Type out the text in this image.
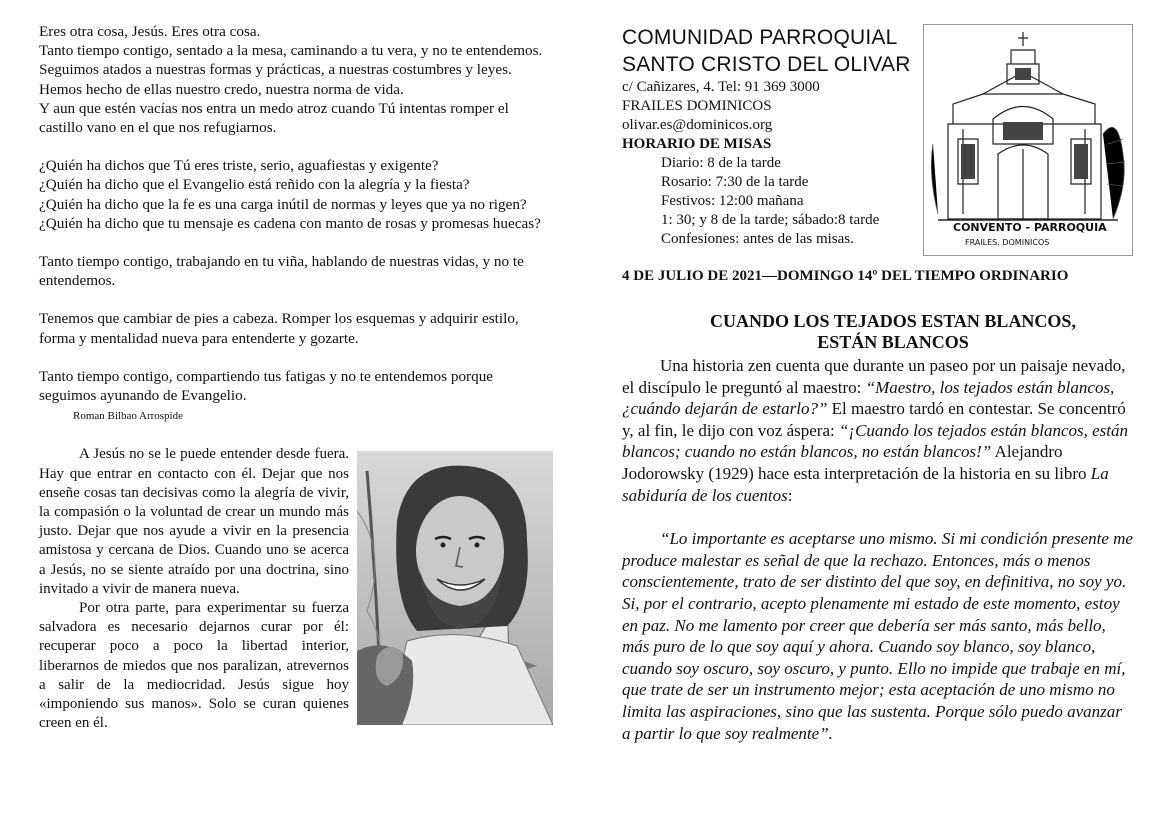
Eres otra cosa, Jesús. Eres otra cosa.
Tanto tiempo contigo, sentado a la mesa, caminando a tu vera, y no te entendemos.
Seguimos atados a nuestras formas y prácticas, a nuestras costumbres y leyes.
Hemos hecho de ellas nuestro credo, nuestra norma de vida.
Y aun que estén vacías nos entra un medo atroz cuando Tú intentas romper el castillo vano en el que nos refugiarnos.

¿Quién ha dichos que Tú eres triste, serio, aguafiestas y exigente?
¿Quién ha dicho que el Evangelio está reñido con la alegría y la fiesta?
¿Quién ha dicho que la fe es una carga inútil de normas y leyes que ya no rigen?
¿Quién ha dicho que tu mensaje es cadena con manto de rosas y promesas huecas?

Tanto tiempo contigo, trabajando en tu viña, hablando de nuestras vidas, y no te entendemos.

Tenemos que cambiar de pies a cabeza. Romper los esquemas y adquirir estilo, forma y mentalidad nueva para entenderte y gozarte.

Tanto tiempo contigo, compartiendo tus fatigas y no te entendemos porque seguimos ayunando de Evangelio.
Roman Bilbao Arrospide

A Jesús no se le puede entender desde fuera. Hay que entrar en contacto con él. Dejar que nos enseñe cosas tan decisivas como la alegría de vivir, la compasión o la voluntad de crear un mundo más justo. Dejar que nos ayude a vivir en la presencia amistosa y cercana de Dios. Cuando uno se acerca a Jesús, no se siente atraído por una doctrina, sino invitado a vivir de manera nueva.

Por otra parte, para experimentar su fuerza salvadora es necesario dejarnos curar por él: recuperar poco a poco la libertad interior, liberarnos de miedos que nos paralizan, atrevernos a salir de la mediocridad. Jesús sigue hoy «imponiendo sus manos». Solo se curan quienes creen en él.

COMUNIDAD PARROQUIAL
SANTO CRISTO DEL OLIVAR
c/ Cañizares, 4. Tel: 91 369 3000
FRAILES DOMINICOS
olivar.es@dominicos.org
HORARIO DE MISAS
Diario: 8 de la tarde
Rosario: 7:30 de la tarde
Festivos: 12:00 mañana
1: 30; y 8 de la tarde; sábado:8 tarde
Confesiones: antes de las misas.
CONVENTO - PARROQUIA
FRAILES. DOMINICOS
4 DE JULIO DE 2021—DOMINGO 14º DEL TIEMPO ORDINARIO
CUANDO LOS TEJADOS ESTAN BLANCOS,
ESTÁN BLANCOS

Una historia zen cuenta que durante un paseo por un paisaje nevado, el discípulo le preguntó al maestro: “Maestro, los tejados están blancos, ¿cuándo dejarán de estarlo?” El maestro tardó en contestar. Se concentró y, al fin, le dijo con voz áspera: “¡Cuando los tejados están blancos, están blancos; cuando no están blancos, no están blancos!” Alejandro Jodorowsky (1929) hace esta interpretación de la historia en su libro La sabiduría de los cuentos:

“Lo importante es aceptarse uno mismo. Si mi condición presente me produce malestar es señal de que la rechazo. Entonces, más o menos conscientemente, trato de ser distinto del que soy, en definitiva, no soy yo. Si, por el contrario, acepto plenamente mi estado de este momento, estoy en paz. No me lamento por creer que debería ser más santo, más bello, más puro de lo que soy aquí y ahora. Cuando soy blanco, soy blanco, cuando soy oscuro, soy oscuro, y punto. Ello no impide que trabaje en mí, que trate de ser un instrumento mejor; esta aceptación de uno mismo no limita las aspiraciones, sino que las sustenta. Porque sólo puedo avanzar a partir lo que soy realmente”.
